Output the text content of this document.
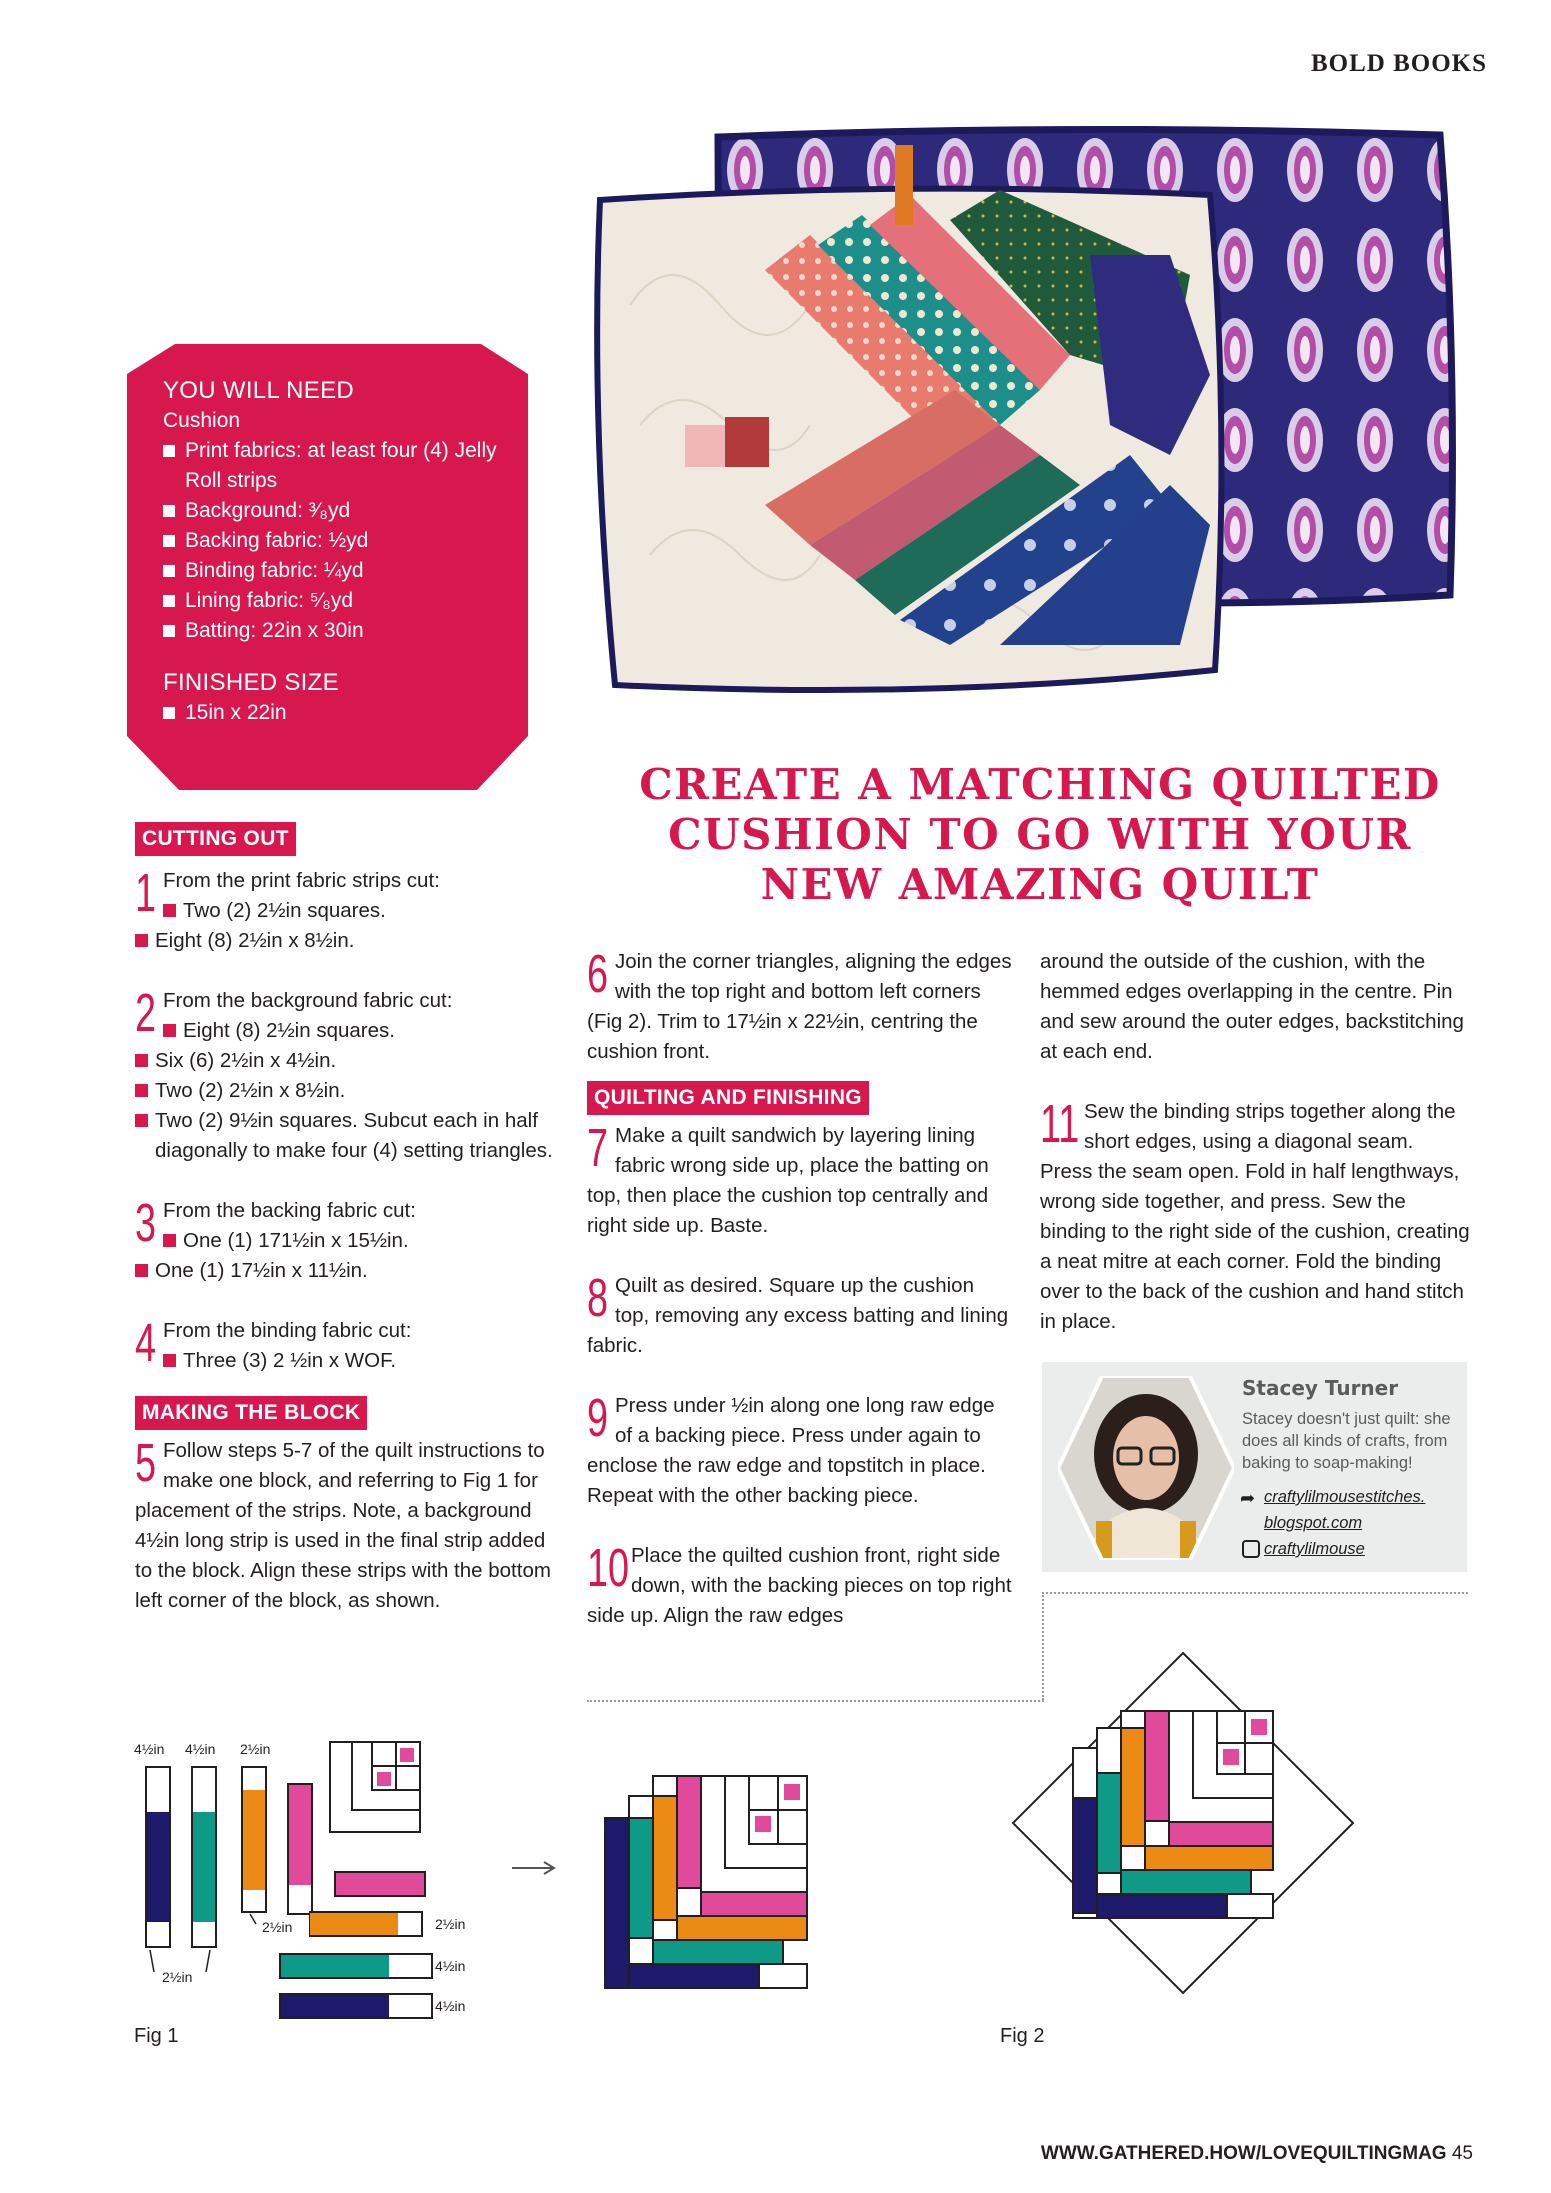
BOLD BOOKS
YOU WILL NEED
Cushion
Print fabrics: at least four (4) Jelly Roll strips
Background: ³⁄₈yd
Backing fabric: ½yd
Binding fabric: ¼yd
Lining fabric: ⁵⁄₈yd
Batting: 22in x 30in
FINISHED SIZE
15in x 22in
CREATE A MATCHING QUILTED CUSHION TO GO WITH YOUR NEW AMAZING QUILT
CUTTING OUT
1 From the print fabric strips cut:
Two (2) 2½in squares.
Eight (8) 2½in x 8½in.
2 From the background fabric cut:
Eight (8) 2½in squares.
Six (6) 2½in x 4½in.
Two (2) 2½in x 8½in.
Two (2) 9½in squares. Subcut each in half diagonally to make four (4) setting triangles.
3 From the backing fabric cut:
One (1) 171½in x 15½in.
One (1) 17½in x 11½in.
4 From the binding fabric cut:
Three (3) 2 ½in x WOF.
MAKING THE BLOCK
5 Follow steps 5-7 of the quilt instructions to make one block, and referring to Fig 1 for placement of the strips. Note, a background 4½in long strip is used in the final strip added to the block. Align these strips with the bottom left corner of the block, as shown.
6 Join the corner triangles, aligning the edges with the top right and bottom left corners (Fig 2). Trim to 17½in x 22½in, centring the cushion front.
QUILTING AND FINISHING
7 Make a quilt sandwich by layering lining fabric wrong side up, place the batting on top, then place the cushion top centrally and right side up. Baste.
8 Quilt as desired. Square up the cushion top, removing any excess batting and lining fabric.
9 Press under ½in along one long raw edge of a backing piece. Press under again to enclose the raw edge and topstitch in place. Repeat with the other backing piece.
10 Place the quilted cushion front, right side down, with the backing pieces on top right side up. Align the raw edges
around the outside of the cushion, with the hemmed edges overlapping in the centre. Pin and sew around the outer edges, backstitching at each end.
11 Sew the binding strips together along the short edges, using a diagonal seam. Press the seam open. Fold in half lengthways, wrong side together, and press. Sew the binding to the right side of the cushion, creating a neat mitre at each corner. Fold the binding over to the back of the cushion and hand stitch in place.
Stacey Turner
Stacey doesn't just quilt: she does all kinds of crafts, from baking to soap-making!
➦ craftylilmousestitches.
blogspot.com
craftylilmouse
4½in 4½in 2½in
2½in
2½in
2½in
4½in
4½in
Fig 1	Fig 2
WWW.GATHERED.HOW/LOVEQUILTINGMAG 45
